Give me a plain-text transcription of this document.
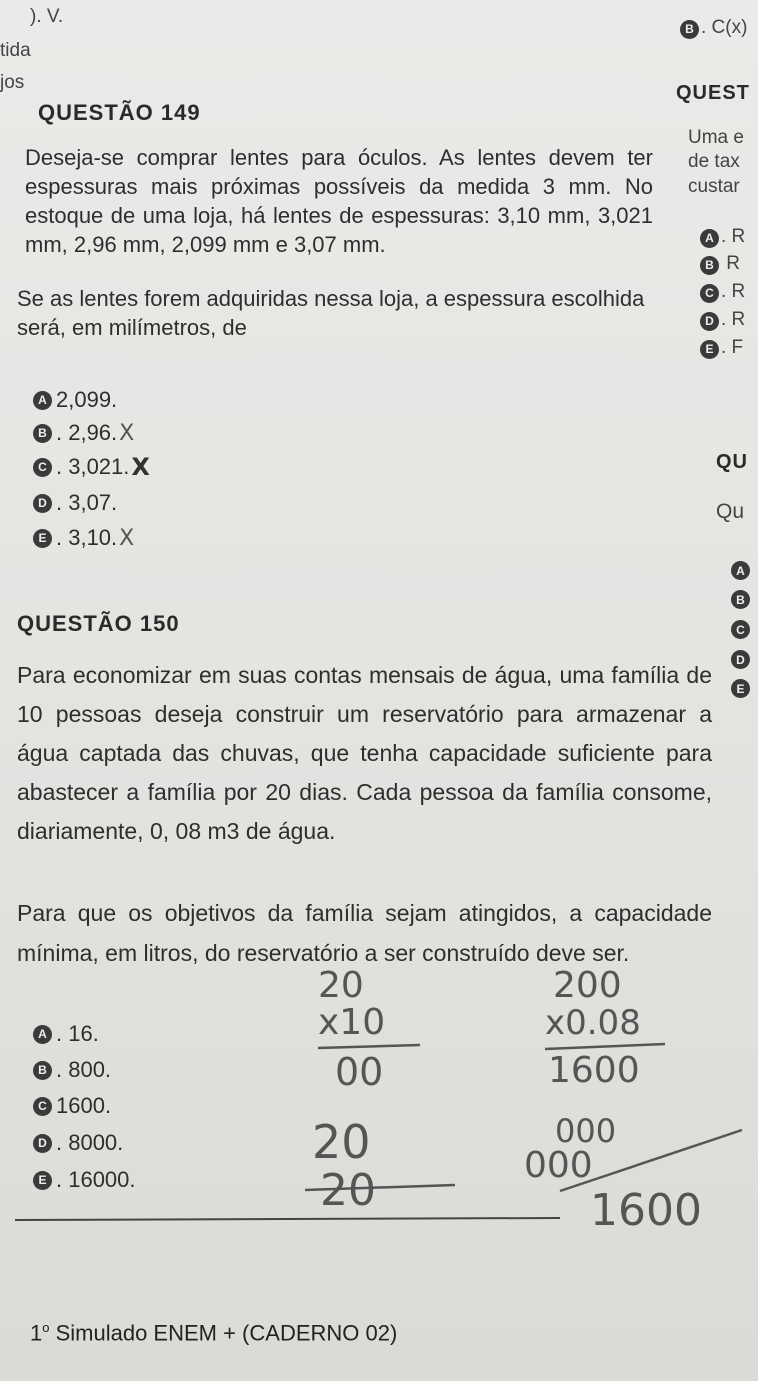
). V.
tida
jos
B . C(x)
QUEST
Uma e
de tax
custar
A . R
B R
C . R
D . R
E . F
QU
Qu
A
B
C
D
E
QUESTÃO 149
Deseja-se comprar lentes para óculos. As lentes devem ter espessuras mais próximas possíveis da medida 3 mm. No estoque de uma loja, há lentes de espessuras: 3,10 mm, 3,021 mm, 2,96 mm, 2,099 mm e 3,07 mm.
Se as lentes forem adquiridas nessa loja, a espessura escolhida será, em milímetros, de
A 2,099.
B . 2,96. X
C . 3,021. X
D . 3,07.
E . 3,10. X
QUESTÃO 150
Para economizar em suas contas mensais de água, uma família de 10 pessoas deseja construir um reservatório para armazenar a água captada das chuvas, que tenha capacidade suficiente para abastecer a família por 20 dias. Cada pessoa da família consome, diariamente, 0, 08 m3 de água.
Para que os objetivos da família sejam atingidos, a capacidade mínima, em litros, do reservatório a ser construído deve ser.
A . 16.
B . 800.
C 1600.
D . 8000.
E . 16000.
20
x10
00
20
20
200
x0.08
1600
000
000
1600
1$^o$ Simulado ENEM + (CADERNO 02)
